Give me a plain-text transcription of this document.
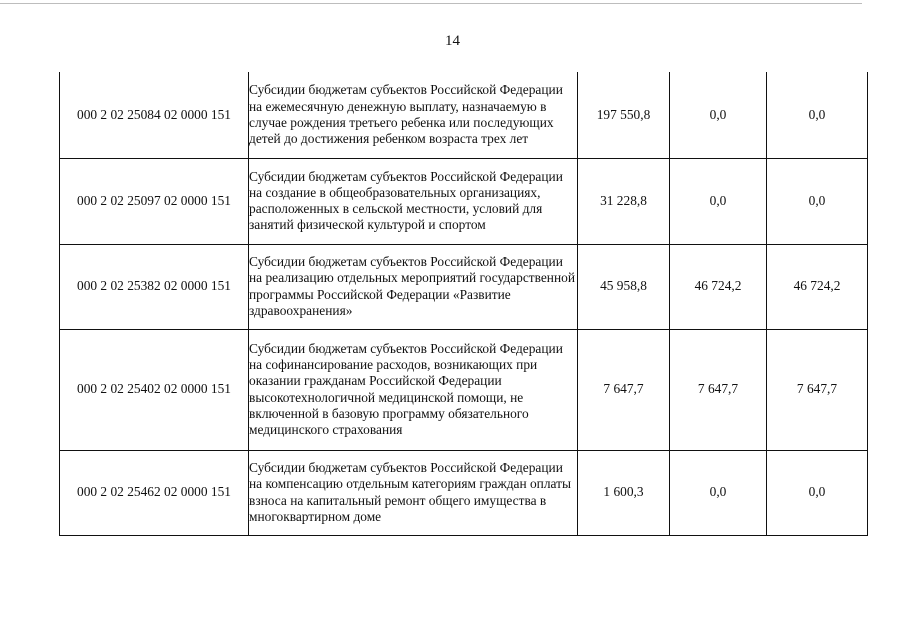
14
000 2 02 25084 02 0000 151	Субсидии бюджетам субъектов Российской Федерации на ежемесячную денежную выплату, назначаемую в случае рождения третьего ребенка или последующих детей до достижения ребенком возраста трех лет	197 550,8	0,0	0,0
000 2 02 25097 02 0000 151	Субсидии бюджетам субъектов Российской Федерации на создание в общеобразовательных организациях, расположенных в сельской местности, условий для занятий физической культурой и спортом	31 228,8	0,0	0,0
000 2 02 25382 02 0000 151	Субсидии бюджетам субъектов Российской Федерации на реализацию отдельных мероприятий государственной программы Российской Федерации «Развитие здравоохранения»	45 958,8	46 724,2	46 724,2
000 2 02 25402 02 0000 151	Субсидии бюджетам субъектов Российской Федерации на софинансирование расходов, возникающих при оказании гражданам Российской Федерации высокотехнологичной медицинской помощи, не включенной в базовую программу обязательного медицинского страхования	7 647,7	7 647,7	7 647,7
000 2 02 25462 02 0000 151	Субсидии бюджетам субъектов Российской Федерации на компенсацию отдельным категориям граждан оплаты взноса на капитальный ремонт общего имущества в многоквартирном доме	1 600,3	0,0	0,0
